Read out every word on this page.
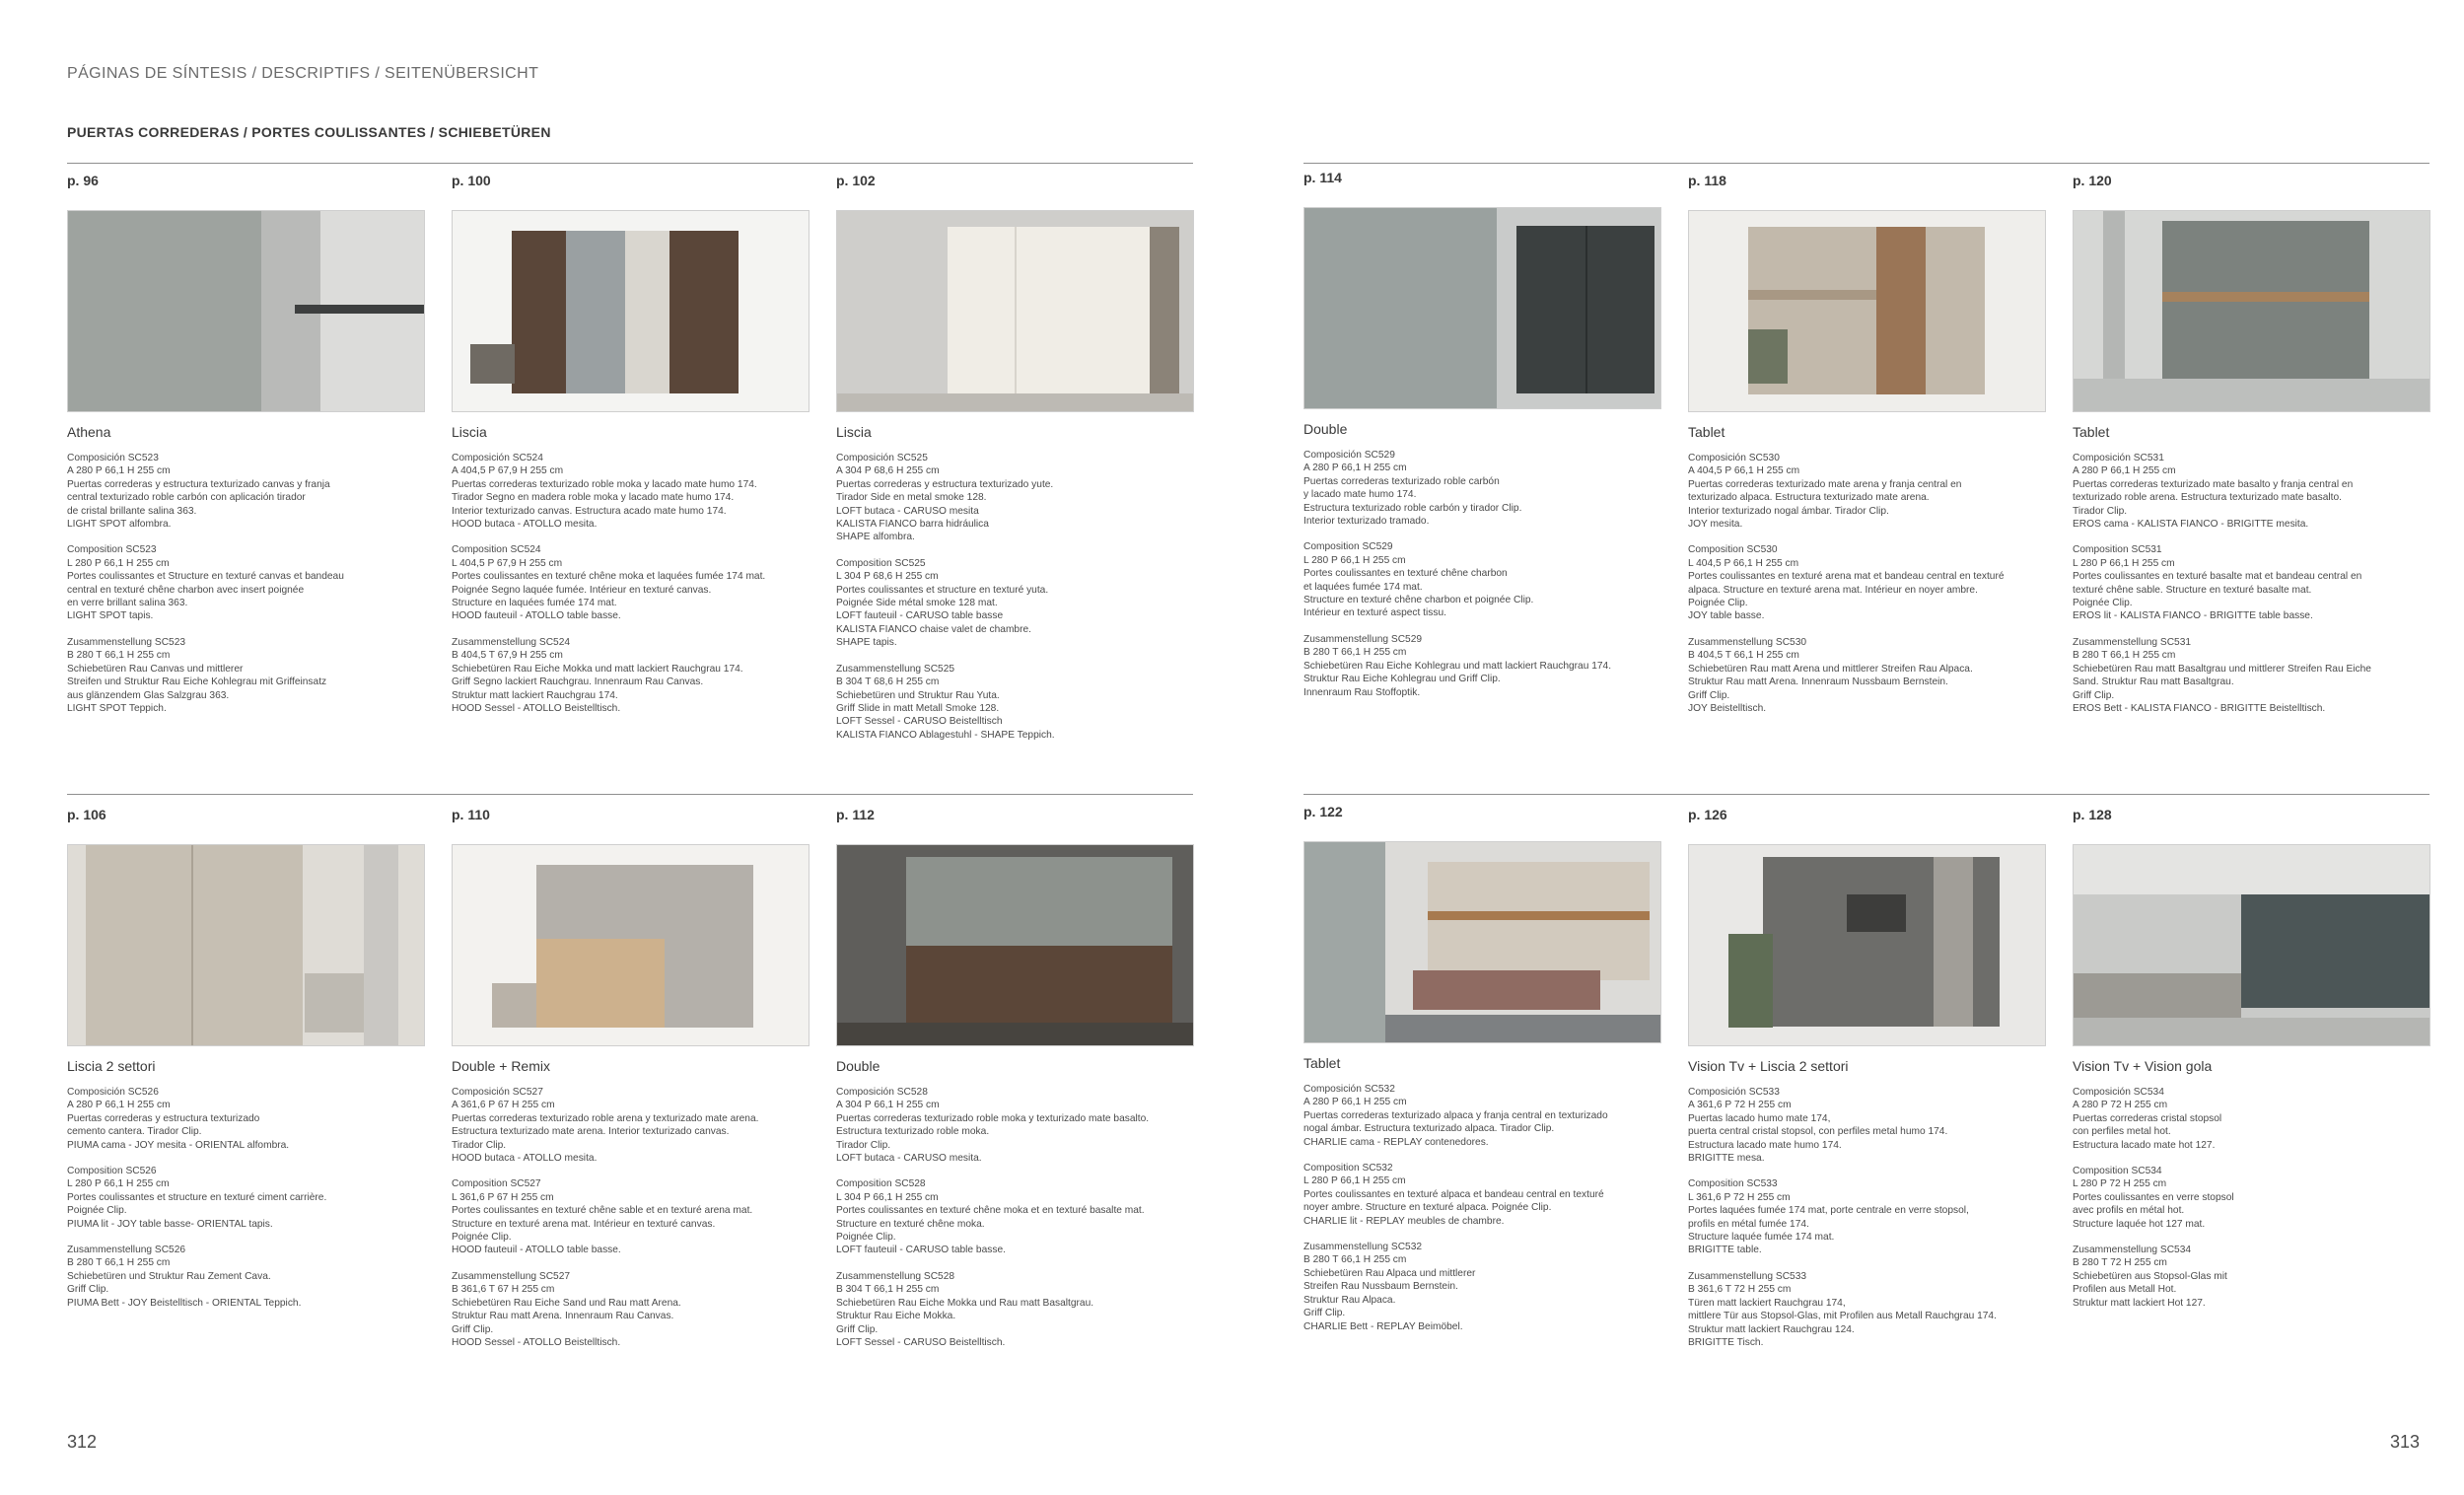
PÁGINAS DE SÍNTESIS / DESCRIPTIFS / SEITENÜBERSICHT
PUERTAS CORREDERAS / PORTES COULISSANTES / SCHIEBETÜREN
p. 96
Athena

Composición SC523
A 280 P 66,1 H 255 cm
Puertas correderas y estructura texturizado canvas y franja
central texturizado roble carbón con aplicación tirador
de cristal brillante salina 363.
LIGHT SPOT alfombra.

Composition SC523
L 280 P 66,1 H 255 cm
Portes coulissantes et Structure en texturé canvas et bandeau
central en texturé chêne charbon avec insert poignée
en verre brillant salina 363.
LIGHT SPOT tapis.

Zusammenstellung SC523
B 280 T 66,1 H 255 cm
Schiebetüren Rau Canvas und mittlerer
Streifen und Struktur Rau Eiche Kohlegrau mit Griffeinsatz
aus glänzendem Glas Salzgrau 363.
LIGHT SPOT Teppich.

p. 100
Liscia

Composición SC524
A 404,5 P 67,9 H 255 cm
Puertas correderas texturizado roble moka y lacado mate humo 174.
Tirador Segno en madera roble moka y lacado mate humo 174.
Interior texturizado canvas. Estructura acado mate humo 174.
HOOD butaca - ATOLLO mesita.

Composition SC524
L 404,5 P 67,9 H 255 cm
Portes coulissantes en texturé chêne moka et laquées fumée 174 mat.
Poignée Segno laquée fumée. Intérieur en texturé canvas.
Structure en laquées fumée 174 mat.
HOOD fauteuil - ATOLLO table basse.

Zusammenstellung SC524
B 404,5 T 67,9 H 255 cm
Schiebetüren Rau Eiche Mokka und matt lackiert Rauchgrau 174.
Griff Segno lackiert Rauchgrau. Innenraum Rau Canvas.
Struktur matt lackiert Rauchgrau 174.
HOOD Sessel - ATOLLO Beistelltisch.

p. 102
Liscia

Composición SC525
A 304 P 68,6 H 255 cm
Puertas correderas y estructura texturizado yute.
Tirador Side en metal smoke 128.
LOFT butaca - CARUSO mesita
KALISTA FIANCO barra hidráulica
SHAPE alfombra.

Composition SC525
L 304 P 68,6 H 255 cm
Portes coulissantes et structure en texturé yuta.
Poignée Side métal smoke 128 mat.
LOFT fauteuil - CARUSO table basse
KALISTA FIANCO chaise valet de chambre.
SHAPE tapis.

Zusammenstellung SC525
B 304 T 68,6 H 255 cm
Schiebetüren und Struktur Rau Yuta.
Griff Slide in matt Metall Smoke 128.
LOFT Sessel - CARUSO Beistelltisch
KALISTA FIANCO Ablagestuhl - SHAPE Teppich.

p. 114
Double

Composición SC529
A 280 P 66,1 H 255 cm
Puertas correderas texturizado roble carbón
y lacado mate humo 174.
Estructura texturizado roble carbón y tirador Clip.
Interior texturizado tramado.

Composition SC529
L 280 P 66,1 H 255 cm
Portes coulissantes en texturé chêne charbon
et laquées fumée 174 mat.
Structure en texturé chêne charbon et poignée Clip.
Intérieur en texturé aspect tissu.

Zusammenstellung SC529
B 280 T 66,1 H 255 cm
Schiebetüren Rau Eiche Kohlegrau und matt lackiert Rauchgrau 174.
Struktur Rau Eiche Kohlegrau und Griff Clip.
Innenraum Rau Stoffoptik.

p. 118
Tablet

Composición SC530
A 404,5 P 66,1 H 255 cm
Puertas correderas texturizado mate arena y franja central en
texturizado alpaca. Estructura texturizado mate arena.
Interior texturizado nogal ámbar. Tirador Clip.
JOY mesita.

Composition SC530
L 404,5 P 66,1 H 255 cm
Portes coulissantes en texturé arena mat et bandeau central en texturé
alpaca. Structure en texturé arena mat. Intérieur en noyer ambre.
Poignée Clip.
JOY table basse.

Zusammenstellung SC530
B 404,5 T 66,1 H 255 cm
Schiebetüren Rau matt Arena und mittlerer Streifen Rau Alpaca.
Struktur Rau matt Arena. Innenraum Nussbaum Bernstein.
Griff Clip.
JOY Beistelltisch.

p. 120
Tablet

Composición SC531
A 280 P 66,1 H 255 cm
Puertas correderas texturizado mate basalto y franja central en
texturizado roble arena. Estructura texturizado mate basalto.
Tirador Clip.
EROS cama - KALISTA FIANCO - BRIGITTE mesita.

Composition SC531
L 280 P 66,1 H 255 cm
Portes coulissantes en texturé basalte mat et bandeau central en
texturé chêne sable. Structure en texturé basalte mat.
Poignée Clip.
EROS lit - KALISTA FIANCO - BRIGITTE table basse.

Zusammenstellung SC531
B 280 T 66,1 H 255 cm
Schiebetüren Rau matt Basaltgrau und mittlerer Streifen Rau Eiche
Sand. Struktur Rau matt Basaltgrau.
Griff Clip.
EROS Bett - KALISTA FIANCO - BRIGITTE Beistelltisch.

p. 106
Liscia 2 settori

Composición SC526
A 280 P 66,1 H 255 cm
Puertas correderas y estructura texturizado
cemento cantera. Tirador Clip.
PIUMA cama - JOY mesita - ORIENTAL alfombra.

Composition SC526
L 280 P 66,1 H 255 cm
Portes coulissantes et structure en texturé ciment carrière.
Poignée Clip.
PIUMA lit - JOY table basse- ORIENTAL tapis.

Zusammenstellung SC526
B 280 T 66,1 H 255 cm
Schiebetüren und Struktur Rau Zement Cava.
Griff Clip.
PIUMA Bett - JOY Beistelltisch - ORIENTAL Teppich.

p. 110
Double + Remix

Composición SC527
A 361,6 P 67 H 255 cm
Puertas correderas texturizado roble arena y texturizado mate arena.
Estructura texturizado mate arena. Interior texturizado canvas.
Tirador Clip.
HOOD butaca - ATOLLO mesita.

Composition SC527
L 361,6 P 67 H 255 cm
Portes coulissantes en texturé chêne sable et en texturé arena mat.
Structure en texturé arena mat. Intérieur en texturé canvas.
Poignée Clip.
HOOD fauteuil - ATOLLO table basse.

Zusammenstellung SC527
B 361,6 T 67 H 255 cm
Schiebetüren Rau Eiche Sand und Rau matt Arena.
Struktur Rau matt Arena. Innenraum Rau Canvas.
Griff Clip.
HOOD Sessel - ATOLLO Beistelltisch.

p. 112
Double

Composición SC528
A 304 P 66,1 H 255 cm
Puertas correderas texturizado roble moka y texturizado mate basalto.
Estructura texturizado roble moka.
Tirador Clip.
LOFT butaca - CARUSO mesita.

Composition SC528
L 304 P 66,1 H 255 cm
Portes coulissantes en texturé chêne moka et en texturé basalte mat.
Structure en texturé chêne moka.
Poignée Clip.
LOFT fauteuil - CARUSO table basse.

Zusammenstellung SC528
B 304 T 66,1 H 255 cm
Schiebetüren Rau Eiche Mokka und Rau matt Basaltgrau.
Struktur Rau Eiche Mokka.
Griff Clip.
LOFT Sessel - CARUSO Beistelltisch.

p. 122
Tablet

Composición SC532
A 280 P 66,1 H 255 cm
Puertas correderas texturizado alpaca y franja central en texturizado
nogal ámbar. Estructura texturizado alpaca. Tirador Clip.
CHARLIE cama - REPLAY contenedores.

Composition SC532
L 280 P 66,1 H 255 cm
Portes coulissantes en texturé alpaca et bandeau central en texturé
noyer ambre. Structure en texturé alpaca. Poignée Clip.
CHARLIE lit - REPLAY meubles de chambre.

Zusammenstellung SC532
B 280 T 66,1 H 255 cm
Schiebetüren Rau Alpaca und mittlerer
Streifen Rau Nussbaum Bernstein.
Struktur Rau Alpaca.
Griff Clip.
CHARLIE Bett - REPLAY Beimöbel.

p. 126
Vision Tv + Liscia 2 settori

Composición SC533
A 361,6 P 72 H 255 cm
Puertas lacado humo mate 174,
puerta central cristal stopsol, con perfiles metal humo 174.
Estructura lacado mate humo 174.
BRIGITTE mesa.

Composition SC533
L 361,6 P 72 H 255 cm
Portes laquées fumée 174 mat, porte centrale en verre stopsol,
profils en métal fumée 174.
Structure laquée fumée 174 mat.
BRIGITTE table.

Zusammenstellung SC533
B 361,6 T 72 H 255 cm
Türen matt lackiert Rauchgrau 174,
mittlere Tür aus Stopsol-Glas, mit Profilen aus Metall Rauchgrau 174.
Struktur matt lackiert Rauchgrau 124.
BRIGITTE Tisch.

p. 128
Vision Tv + Vision gola

Composición SC534
A 280 P 72 H 255 cm
Puertas correderas cristal stopsol
con perfiles metal hot.
Estructura lacado mate hot 127.

Composition SC534
L 280 P 72 H 255 cm
Portes coulissantes en verre stopsol
avec profils en métal hot.
Structure laquée hot 127 mat.

Zusammenstellung SC534
B 280 T 72 H 255 cm
Schiebetüren aus Stopsol-Glas mit
Profilen aus Metall Hot.
Struktur matt lackiert Hot 127.

312	313
